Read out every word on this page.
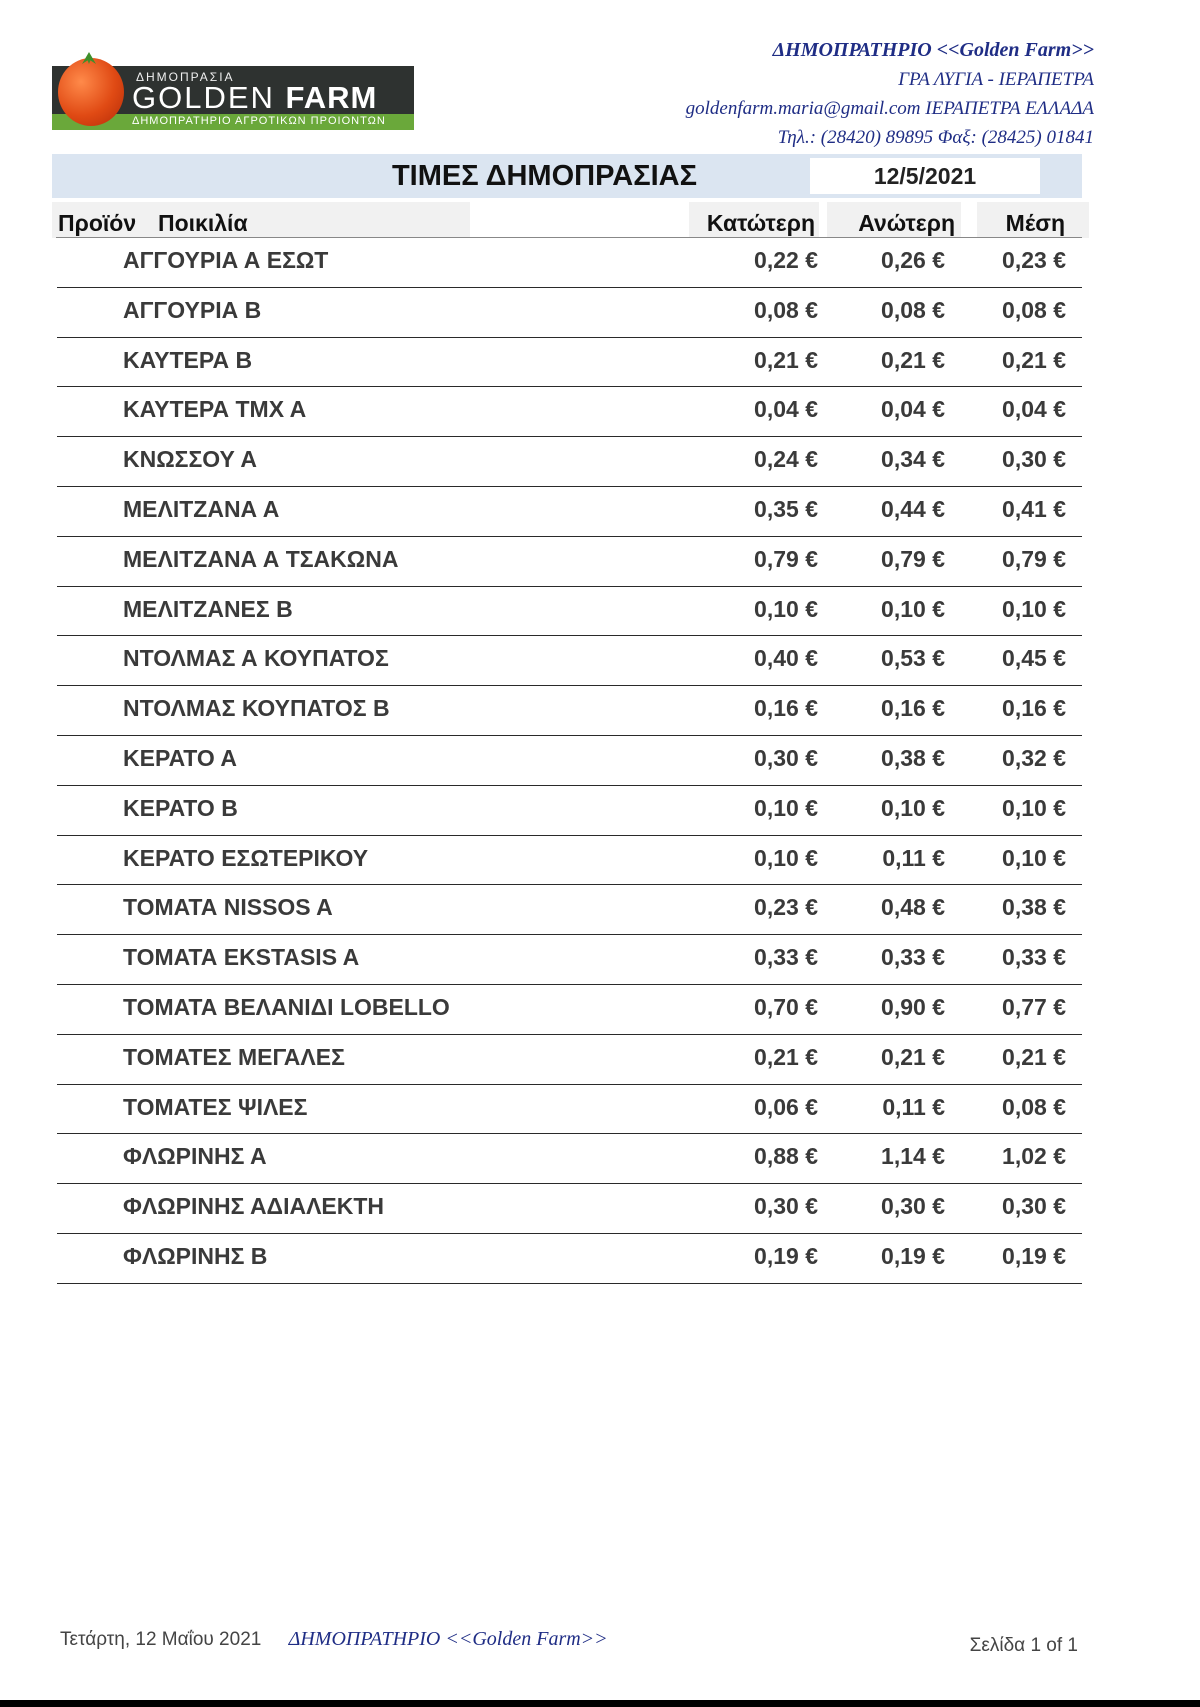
ΔΗΜΟΠΡΑΣΙΑ
GOLDEN FARM
ΔΗΜΟΠΡΑΤΗΡΙΟ ΑΓΡΟΤΙΚΩΝ ΠΡΟΙΟΝΤΩΝ
ΔΗΜΟΠΡΑΤΗΡΙΟ <<Golden Farm>>
ΓΡΑ ΛΥΓΙΑ - ΙΕΡΑΠΕΤΡΑ
goldenfarm.maria@gmail.com ΙΕΡΑΠΕΤΡΑ ΕΛΛΑΔΑ
Τηλ.: (28420) 89895 Φαξ: (28425) 01841
ΤΙΜΕΣ ΔΗΜΟΠΡΑΣΙΑΣ	12/5/2021
Προϊόν Ποικιλία	Κατώτερη	Ανώτερη	Μέση
ΑΓΓΟΥΡΙΑ Α ΕΣΩΤ	0,22 €	0,26 € 0,23 €
ΑΓΓΟΥΡΙΑ Β	0,08 €	0,08 € 0,08 €
ΚΑΥΤΕΡΑ Β	0,21 €	0,21 € 0,21 €
ΚΑΥΤΕΡΑ ΤΜΧ Α	0,04 €	0,04 € 0,04 €
ΚΝΩΣΣΟΥ Α	0,24 €	0,34 € 0,30 €
ΜΕΛΙΤΖΑΝΑ Α	0,35 €	0,44 € 0,41 €
ΜΕΛΙΤΖΑΝΑ Α ΤΣΑΚΩΝΑ	0,79 €	0,79 € 0,79 €
ΜΕΛΙΤΖΑΝΕΣ Β	0,10 €	0,10 € 0,10 €
ΝΤΟΛΜΑΣ Α ΚΟΥΠΑΤΟΣ	0,40 €	0,53 € 0,45 €
ΝΤΟΛΜΑΣ ΚΟΥΠΑΤΟΣ Β	0,16 €	0,16 € 0,16 €
ΚΕΡΑΤΟ Α	0,30 €	0,38 € 0,32 €
ΚΕΡΑΤΟ Β	0,10 €	0,10 € 0,10 €
ΚΕΡΑΤΟ ΕΣΩΤΕΡΙΚΟΥ	0,10 €	0,11 € 0,10 €
ΤΟΜΑΤΑ NISSOS A	0,23 €	0,48 € 0,38 €
ΤΟΜΑΤΑ EKSTASIS A	0,33 €	0,33 € 0,33 €
ΤΟΜΑΤΑ ΒΕΛΑΝΙΔΙ LOBELLO	0,70 €	0,90 € 0,77 €
ΤΟΜΑΤΕΣ ΜΕΓΑΛΕΣ	0,21 €	0,21 € 0,21 €
ΤΟΜΑΤΕΣ ΨΙΛΕΣ	0,06 €	0,11 € 0,08 €
ΦΛΩΡΙΝΗΣ Α	0,88 €	1,14 € 1,02 €
ΦΛΩΡΙΝΗΣ ΑΔΙΑΛΕΚΤΗ	0,30 €	0,30 € 0,30 €
ΦΛΩΡΙΝΗΣ Β	0,19 €	0,19 € 0,19 €
Τετάρτη, 12 Μαΐου 2021 ΔΗΜΟΠΡΑΤΗΡΙΟ <<Golden Farm>>	Σελίδα 1 of 1
